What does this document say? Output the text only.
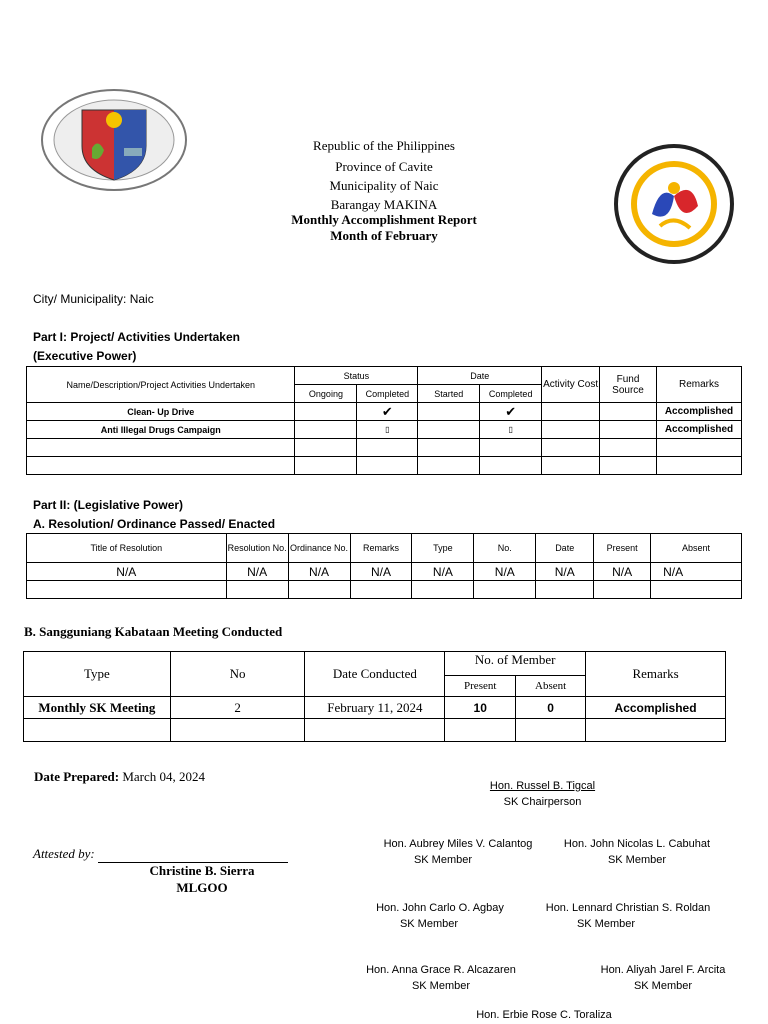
Republic of the Philippines
Province of Cavite
Municipality of Naic
Barangay MAKINA
Monthly Accomplishment Report
Month of February
City/ Municipality: Naic
Part I: Project/ Activities Undertaken
(Executive Power)
Name/Description/Project Activities Undertaken	Status		Date		Activity Cost	Fund Source	Remarks
	Ongoing	Completed	Started	Completed			
Clean- Up Drive		✔		✔			Accomplished
Anti Illegal Drugs Campaign		▯		▯			Accomplished

Part II: (Legislative Power)
A. Resolution/ Ordinance Passed/ Enacted
Title of Resolution	Resolution No.	Ordinance No.	Remarks	Type	No.	Date	Present	Absent
N/A	N/A	N/A	N/A	N/A	N/A	N/A	N/A	N/A

B. Sangguniang Kabataan Meeting Conducted
Type	No	Date Conducted	No. of Member		Remarks
			Present	Absent	
Monthly SK Meeting	2	February 11, 2024	10	0	Accomplished

Date Prepared: March 04, 2024
Hon. Russel B. Tigcal
SK Chairperson
Attested by:
Christine B. Sierra
MLGOO
Hon. Aubrey Miles V. Calantog
SK Member
Hon. John Nicolas L. Cabuhat
SK Member
Hon. John Carlo O. Agbay
SK Member
Hon. Lennard Christian S. Roldan
SK Member
Hon. Anna Grace R. Alcazaren
SK Member
Hon. Aliyah Jarel F. Arcita
SK Member
Hon. Erbie Rose C. Toraliza
